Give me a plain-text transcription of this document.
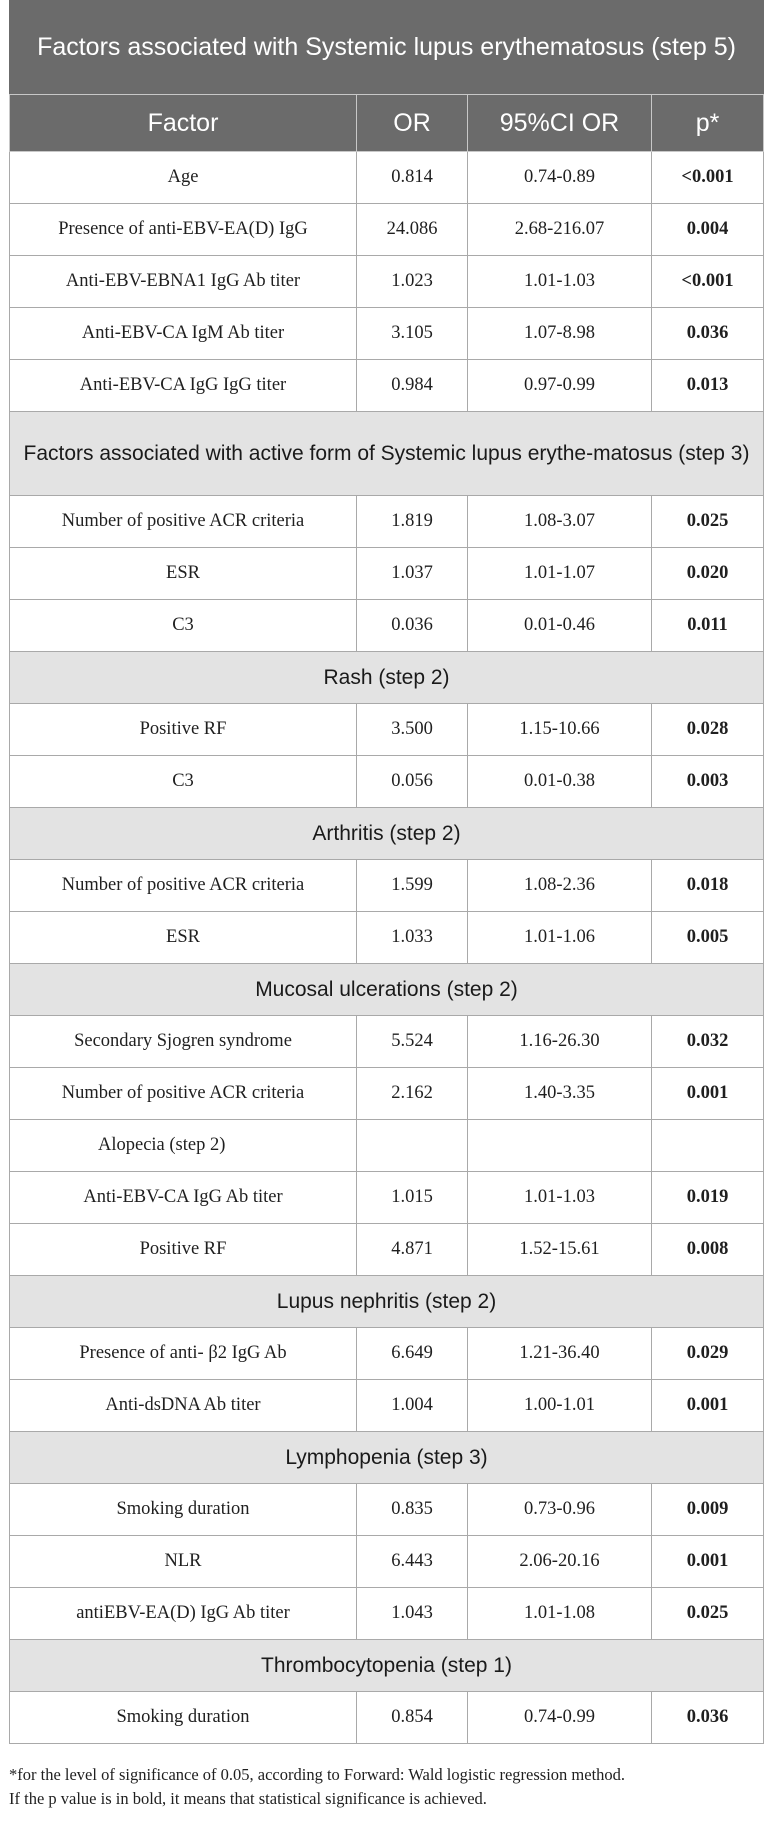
Factors associated with Systemic lupus erythematosus (step 5)			
Factor	OR	95%CI OR	p*
Age	0.814	0.74-0.89	<0.001
Presence of anti-EBV-EA(D) IgG	24.086	2.68-216.07	0.004
Anti-EBV-EBNA1 IgG Ab titer	1.023	1.01-1.03	<0.001
Anti-EBV-CA IgM Ab titer	3.105	1.07-8.98	0.036
Anti-EBV-CA IgG IgG titer	0.984	0.97-0.99	0.013
Factors associated with active form of Systemic lupus erythe-matosus (step 3)			
Number of positive ACR criteria	1.819	1.08-3.07	0.025
ESR	1.037	1.01-1.07	0.020
C3	0.036	0.01-0.46	0.011
Rash (step 2)			
Positive RF	3.500	1.15-10.66	0.028
C3	0.056	0.01-0.38	0.003
Arthritis (step 2)			
Number of positive ACR criteria	1.599	1.08-2.36	0.018
ESR	1.033	1.01-1.06	0.005
Mucosal ulcerations (step 2)			
Secondary Sjogren syndrome	5.524	1.16-26.30	0.032
Number of positive ACR criteria	2.162	1.40-3.35	0.001
Alopecia (step 2)			
Anti-EBV-CA IgG Ab titer	1.015	1.01-1.03	0.019
Positive RF	4.871	1.52-15.61	0.008
Lupus nephritis (step 2)			
Presence of anti- β2 IgG Ab	6.649	1.21-36.40	0.029
Anti-dsDNA Ab titer	1.004	1.00-1.01	0.001
Lymphopenia (step 3)			
Smoking duration	0.835	0.73-0.96	0.009
NLR	6.443	2.06-20.16	0.001
antiEBV-EA(D) IgG Ab titer	1.043	1.01-1.08	0.025
Thrombocytopenia (step 1)			
Smoking duration	0.854	0.74-0.99	0.036
*for the level of significance of 0.05, according to Forward: Wald logistic regression method.
If the p value is in bold, it means that statistical significance is achieved.
